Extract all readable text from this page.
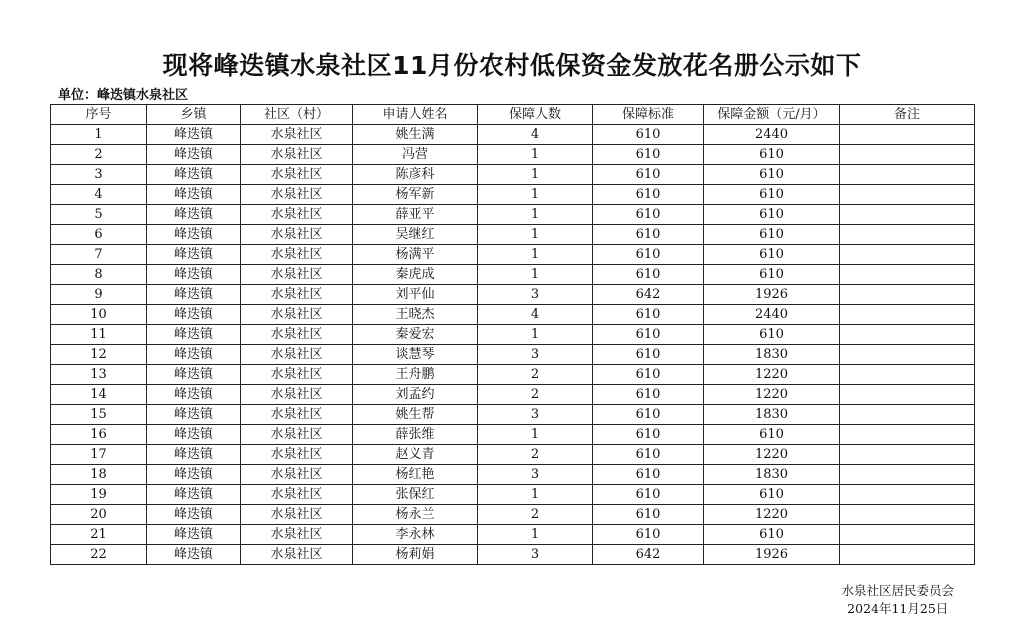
现将峰迭镇水泉社区11月份农村低保资金发放花名册公示如下
单位：峰迭镇水泉社区
序号	乡镇	社区（村）	申请人姓名	保障人数	保障标准	保障金额（元/月）	备注
1	峰迭镇	水泉社区	姚生满	4	610	2440	
2	峰迭镇	水泉社区	冯营	1	610	610	
3	峰迭镇	水泉社区	陈彦科	1	610	610	
4	峰迭镇	水泉社区	杨军新	1	610	610	
5	峰迭镇	水泉社区	薛亚平	1	610	610	
6	峰迭镇	水泉社区	吴继红	1	610	610	
7	峰迭镇	水泉社区	杨满平	1	610	610	
8	峰迭镇	水泉社区	秦虎成	1	610	610	
9	峰迭镇	水泉社区	刘平仙	3	642	1926	
10	峰迭镇	水泉社区	王晓杰	4	610	2440	
11	峰迭镇	水泉社区	秦爱宏	1	610	610	
12	峰迭镇	水泉社区	谈慧琴	3	610	1830	
13	峰迭镇	水泉社区	王舟鹏	2	610	1220	
14	峰迭镇	水泉社区	刘孟约	2	610	1220	
15	峰迭镇	水泉社区	姚生帮	3	610	1830	
16	峰迭镇	水泉社区	薛张维	1	610	610	
17	峰迭镇	水泉社区	赵义青	2	610	1220	
18	峰迭镇	水泉社区	杨红艳	3	610	1830	
19	峰迭镇	水泉社区	张保红	1	610	610	
20	峰迭镇	水泉社区	杨永兰	2	610	1220	
21	峰迭镇	水泉社区	李永林	1	610	610	
22	峰迭镇	水泉社区	杨莉娟	3	642	1926	
水泉社区居民委员会
2024年11月25日
